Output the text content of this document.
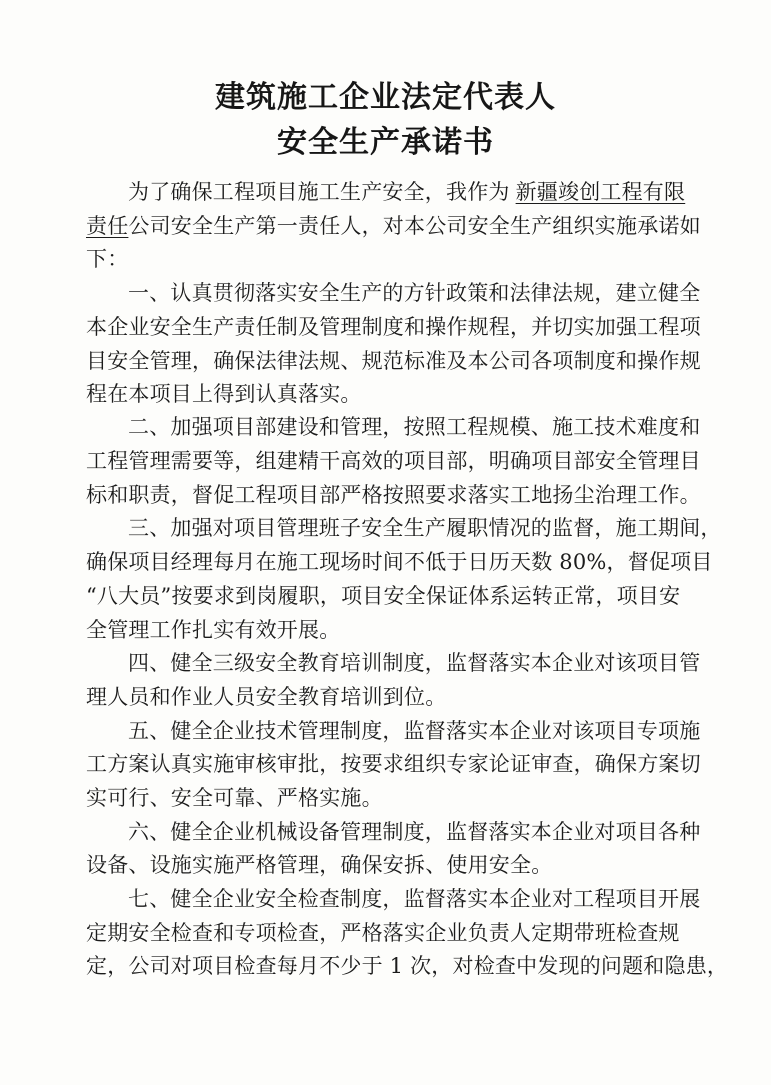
建筑施工企业法定代表人
安全生产承诺书
为了确保工程项目施工生产安全，我作为 新疆竣创工程有限
责任公司安全生产第一责任人，对本公司安全生产组织实施承诺如
下：
一、认真贯彻落实安全生产的方针政策和法律法规，建立健全
本企业安全生产责任制及管理制度和操作规程，并切实加强工程项
目安全管理，确保法律法规、规范标准及本公司各项制度和操作规
程在本项目上得到认真落实。
二、加强项目部建设和管理，按照工程规模、施工技术难度和
工程管理需要等，组建精干高效的项目部，明确项目部安全管理目
标和职责，督促工程项目部严格按照要求落实工地扬尘治理工作。
三、加强对项目管理班子安全生产履职情况的监督，施工期间，
确保项目经理每月在施工现场时间不低于日历天数 80%，督促项目
“八大员”按要求到岗履职，项目安全保证体系运转正常，项目安
全管理工作扎实有效开展。
四、健全三级安全教育培训制度，监督落实本企业对该项目管
理人员和作业人员安全教育培训到位。
五、健全企业技术管理制度，监督落实本企业对该项目专项施
工方案认真实施审核审批，按要求组织专家论证审查，确保方案切
实可行、安全可靠、严格实施。
六、健全企业机械设备管理制度，监督落实本企业对项目各种
设备、设施实施严格管理，确保安拆、使用安全。
七、健全企业安全检查制度，监督落实本企业对工程项目开展
定期安全检查和专项检查，严格落实企业负责人定期带班检查规
定，公司对项目检查每月不少于 1 次，对检查中发现的问题和隐患，
